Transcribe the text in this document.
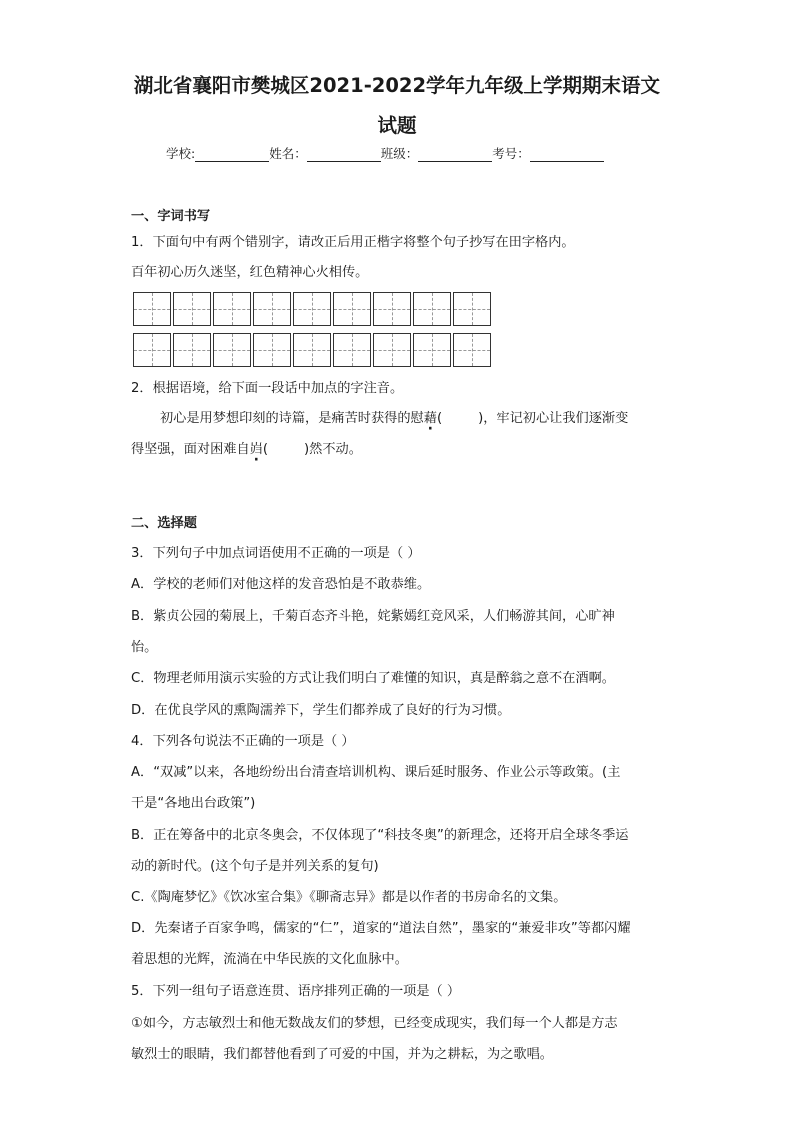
湖北省襄阳市樊城区2021-2022学年九年级上学期期末语文
试题
学校:	姓名：	班级：	考号：
一、字词书写
1．下面句中有两个错别字，请改正后用正楷字将整个句子抄写在田字格内。
百年初心历久迷坚，红色精神心火相传。
2．根据语境，给下面一段话中加点的字注音。
初心是用梦想印刻的诗篇，是痛苦时获得的慰藉(	)，牢记初心让我们逐渐变
得坚强，面对困难自岿(	)然不动。
二、选择题
3．下列句子中加点词语使用不正确的一项是（ ）
A．学校的老师们对他这样的发音恐怕是不敢恭维。
B．紫贞公园的菊展上，千菊百态齐斗艳，姹紫嫣红竞风采，人们畅游其间，心旷神
怡。
C．物理老师用演示实验的方式让我们明白了难懂的知识，真是醉翁之意不在酒啊。
D．在优良学风的熏陶濡养下，学生们都养成了良好的行为习惯。
4．下列各句说法不正确的一项是（ ）
A．“双减”以来，各地纷纷出台清查培训机构、课后延时服务、作业公示等政策。(主
干是“各地出台政策”)
B．正在筹备中的北京冬奥会，不仅体现了“科技冬奥”的新理念，还将开启全球冬季运
动的新时代。(这个句子是并列关系的复句)
C.《陶庵梦忆》《饮冰室合集》《聊斋志异》都是以作者的书房命名的文集。
D．先秦诸子百家争鸣，儒家的“仁”，道家的“道法自然”，墨家的“兼爱非攻”等都闪耀
着思想的光辉，流淌在中华民族的文化血脉中。
5．下列一组句子语意连贯、语序排列正确的一项是（ ）
①如今，方志敏烈士和他无数战友们的梦想，已经变成现实，我们每一个人都是方志
敏烈士的眼睛，我们都替他看到了可爱的中国，并为之耕耘，为之歌唱。
